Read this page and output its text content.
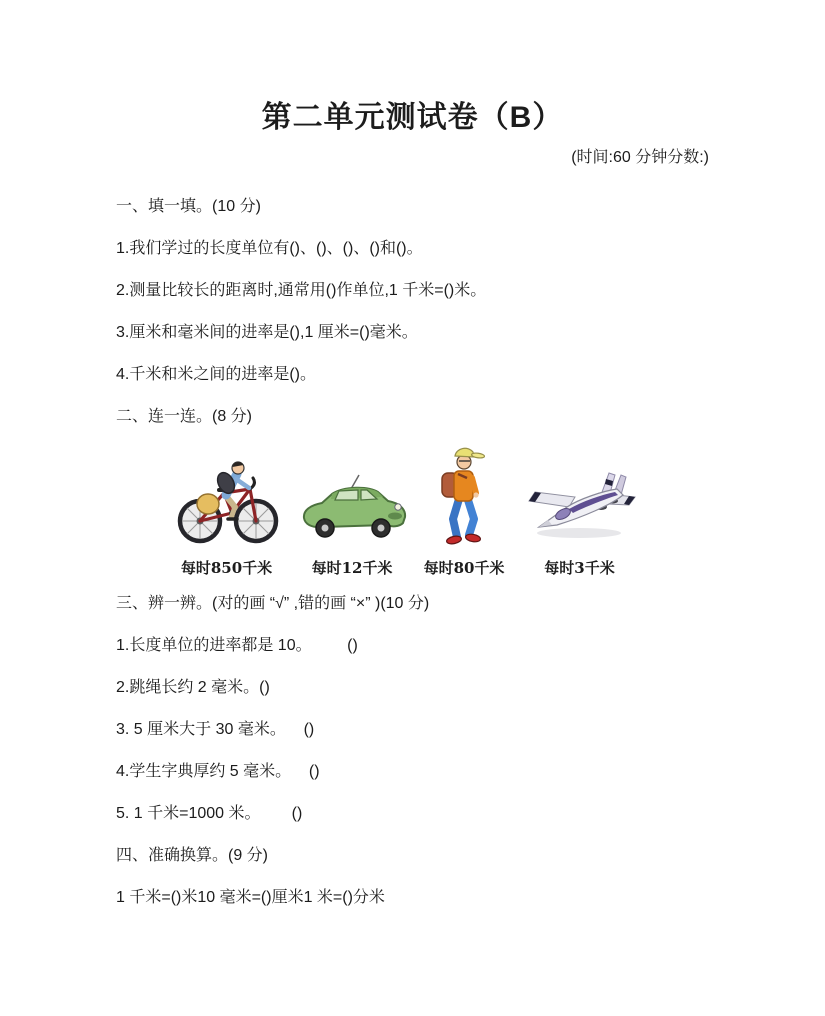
第二单元测试卷（B）
(时间:60 分钟分数:)

一、填一填。(10 分)

1.我们学过的长度单位有()、()、()、()和()。

2.测量比较长的距离时,通常用()作单位,1 千米=()米。

3.厘米和毫米间的进率是(),1 厘米=()毫米。

4.千米和米之间的进率是()。

二、连一连。(8 分)

每时850千米	每时12千米 每时80千米	每时3千米

三、辨一辨。(对的画 “√” ,错的画 “×” )(10 分)

1.长度单位的进率都是 10。        ()

2.跳绳长约 2 毫米。()

3. 5 厘米大于 30 毫米。    ()

4.学生字典厚约 5 毫米。    ()

5. 1 千米=1000 米。       ()

四、准确换算。(9 分)

1 千米=()米10 毫米=()厘米1 米=()分米
